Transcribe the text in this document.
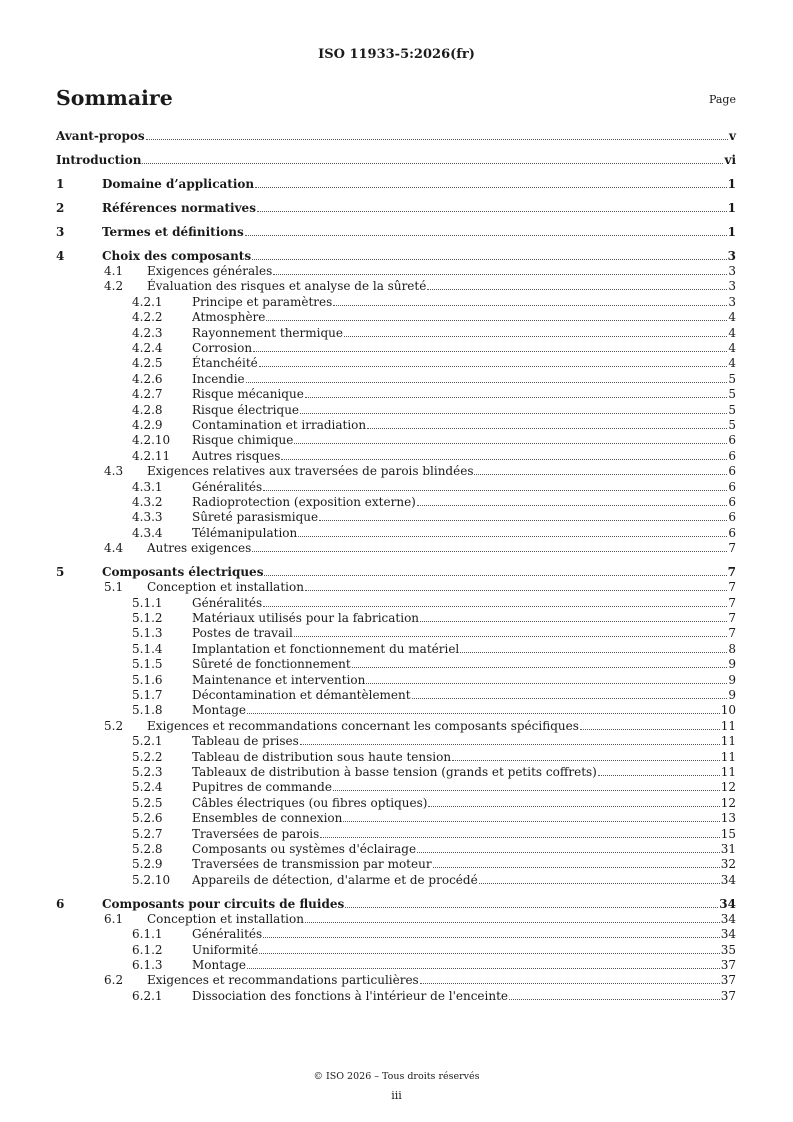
ISO 11933-5:2026(fr)
Sommaire	Page
Avant-propos	v
Introduction	vi
1	Domaine d’application	1
2	Références normatives	1
3	Termes et définitions	1
4	Choix des composants	3
4.1 Exigences générales	3
4.2 Évaluation des risques et analyse de la sûreté	3
4.2.1 Principe et paramètres	3
4.2.2 Atmosphère	4
4.2.3 Rayonnement thermique	4
4.2.4 Corrosion	4
4.2.5 Étanchéité	4
4.2.6 Incendie	5
4.2.7 Risque mécanique	5
4.2.8 Risque électrique	5
4.2.9 Contamination et irradiation	5
4.2.10 Risque chimique	6
4.2.11 Autres risques	6
4.3 Exigences relatives aux traversées de parois blindées	6
4.3.1 Généralités	6
4.3.2 Radioprotection (exposition externe)	6
4.3.3 Sûreté parasismique	6
4.3.4 Télémanipulation	6
4.4 Autres exigences	7
5	Composants électriques	7
5.1 Conception et installation	7
5.1.1 Généralités	7
5.1.2 Matériaux utilisés pour la fabrication	7
5.1.3 Postes de travail	7
5.1.4 Implantation et fonctionnement du matériel	8
5.1.5 Sûreté de fonctionnement	9
5.1.6 Maintenance et intervention	9
5.1.7 Décontamination et démantèlement	9
5.1.8 Montage	10
5.2 Exigences et recommandations concernant les composants spécifiques	11
5.2.1 Tableau de prises	11
5.2.2 Tableau de distribution sous haute tension	11
5.2.3 Tableaux de distribution à basse tension (grands et petits coffrets)	11
5.2.4 Pupitres de commande	12
5.2.5 Câbles électriques (ou fibres optiques)	12
5.2.6 Ensembles de connexion	13
5.2.7 Traversées de parois	15
5.2.8 Composants ou systèmes d'éclairage	31
5.2.9 Traversées de transmission par moteur	32
5.2.10 Appareils de détection, d'alarme et de procédé	34
6	Composants pour circuits de fluides	34
6.1 Conception et installation	34
6.1.1 Généralités	34
6.1.2 Uniformité	35
6.1.3 Montage	37
6.2 Exigences et recommandations particulières	37
6.2.1 Dissociation des fonctions à l'intérieur de l'enceinte	37
© ISO 2026 – Tous droits réservés
iii
